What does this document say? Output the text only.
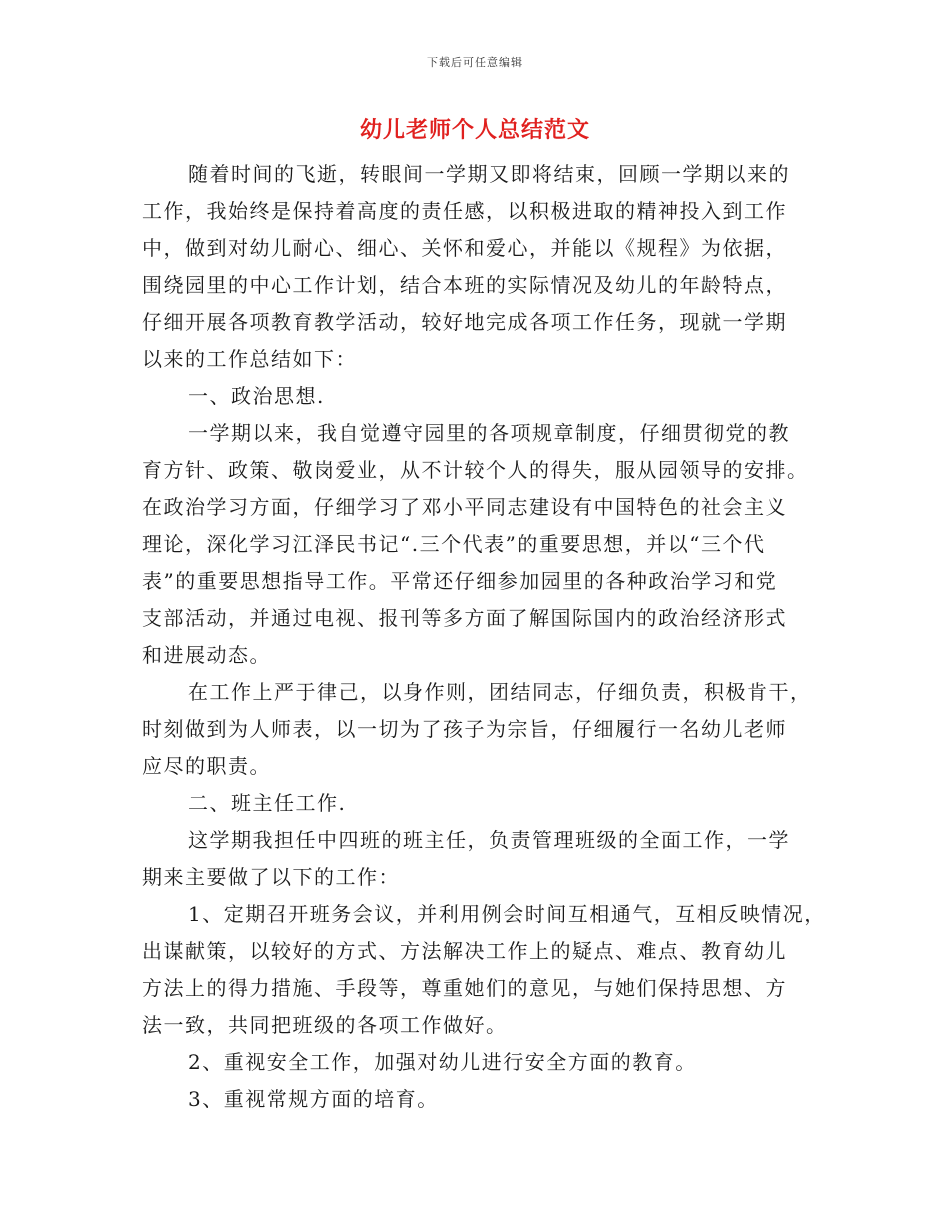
下载后可任意编辑
幼儿老师个人总结范文
随着时间的飞逝，转眼间一学期又即将结束，回顾一学期以来的
工作，我始终是保持着高度的责任感，以积极进取的精神投入到工作
中，做到对幼儿耐心、细心、关怀和爱心，并能以《规程》为依据，
围绕园里的中心工作计划，结合本班的实际情况及幼儿的年龄特点，
仔细开展各项教育教学活动，较好地完成各项工作任务，现就一学期
以来的工作总结如下：
一、政治思想.
一学期以来，我自觉遵守园里的各项规章制度，仔细贯彻党的教
育方针、政策、敬岗爱业，从不计较个人的得失，服从园领导的安排。
在政治学习方面，仔细学习了邓小平同志建设有中国特色的社会主义
理论，深化学习江泽民书记“.三个代表”的重要思想，并以“三个代
表”的重要思想指导工作。平常还仔细参加园里的各种政治学习和党
支部活动，并通过电视、报刊等多方面了解国际国内的政治经济形式
和进展动态。
在工作上严于律己，以身作则，团结同志，仔细负责，积极肯干，
时刻做到为人师表，以一切为了孩子为宗旨，仔细履行一名幼儿老师
应尽的职责。
二、班主任工作.
这学期我担任中四班的班主任，负责管理班级的全面工作，一学
期来主要做了以下的工作：
1、定期召开班务会议，并利用例会时间互相通气，互相反映情况，
出谋献策，以较好的方式、方法解决工作上的疑点、难点、教育幼儿
方法上的得力措施、手段等，尊重她们的意见，与她们保持思想、方
法一致，共同把班级的各项工作做好。
2、重视安全工作，加强对幼儿进行安全方面的教育。
3、重视常规方面的培育。
